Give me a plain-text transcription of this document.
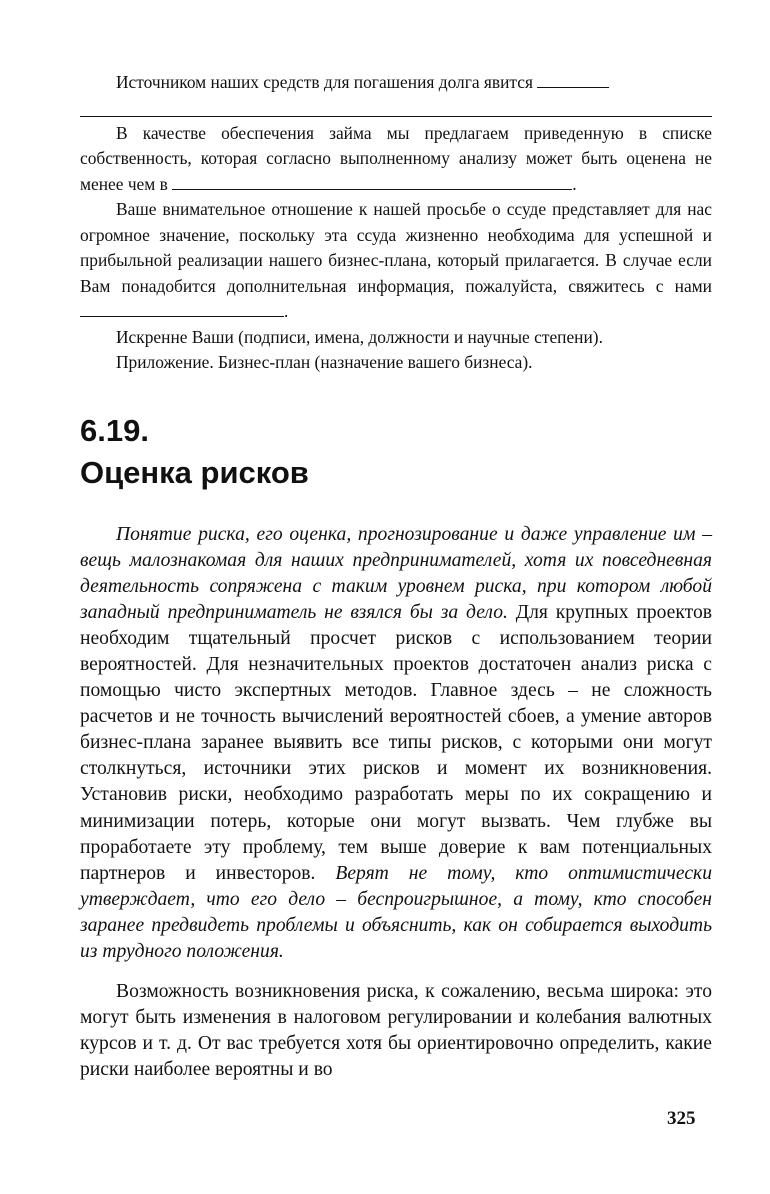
Источником наших средств для погашения долга явится

В качестве обеспечения займа мы предлагаем приведенную в списке собственность, которая согласно выполненному анализу может быть оценена не менее чем в	.

Ваше внимательное отношение к нашей просьбе о ссуде представляет для нас огромное значение, поскольку эта ссуда жизненно необходима для успешной и прибыльной реализации нашего бизнес-плана, который прилагается. В случае если Вам понадобится дополнительная информация, пожалуйста, свяжитесь с нами .

Искренне Ваши (подписи, имена, должности и научные степени).

Приложение. Бизнес-план (назначение вашего бизнеса).

6.19.
Оценка рисков

Понятие риска, его оценка, прогнозирование и даже управление им – вещь малознакомая для наших предпринимателей, хотя их повседневная деятельность сопряжена с таким уровнем риска, при котором любой западный предприниматель не взялся бы за дело. Для крупных проектов необходим тщательный просчет рисков с использованием теории вероятностей. Для незначительных проектов достаточен анализ риска с помощью чисто экспертных методов. Главное здесь – не сложность расчетов и не точность вычислений вероятностей сбоев, а умение авторов бизнес-плана заранее выявить все типы рисков, с которыми они могут столкнуться, источники этих рисков и момент их возникновения. Установив риски, необходимо разработать меры по их сокращению и минимизации потерь, которые они могут вызвать. Чем глубже вы проработаете эту проблему, тем выше доверие к вам потенциальных партнеров и инвесторов. Верят не тому, кто оптимистически утверждает, что его дело – беспроигрышное, а тому, кто способен заранее предвидеть проблемы и объяснить, как он собирается выходить из трудного положения.

Возможность возникновения риска, к сожалению, весьма широка: это могут быть изменения в налоговом регулировании и колебания валютных курсов и т. д. От вас требуется хотя бы ориентировочно определить, какие риски наиболее вероятны и во

325
